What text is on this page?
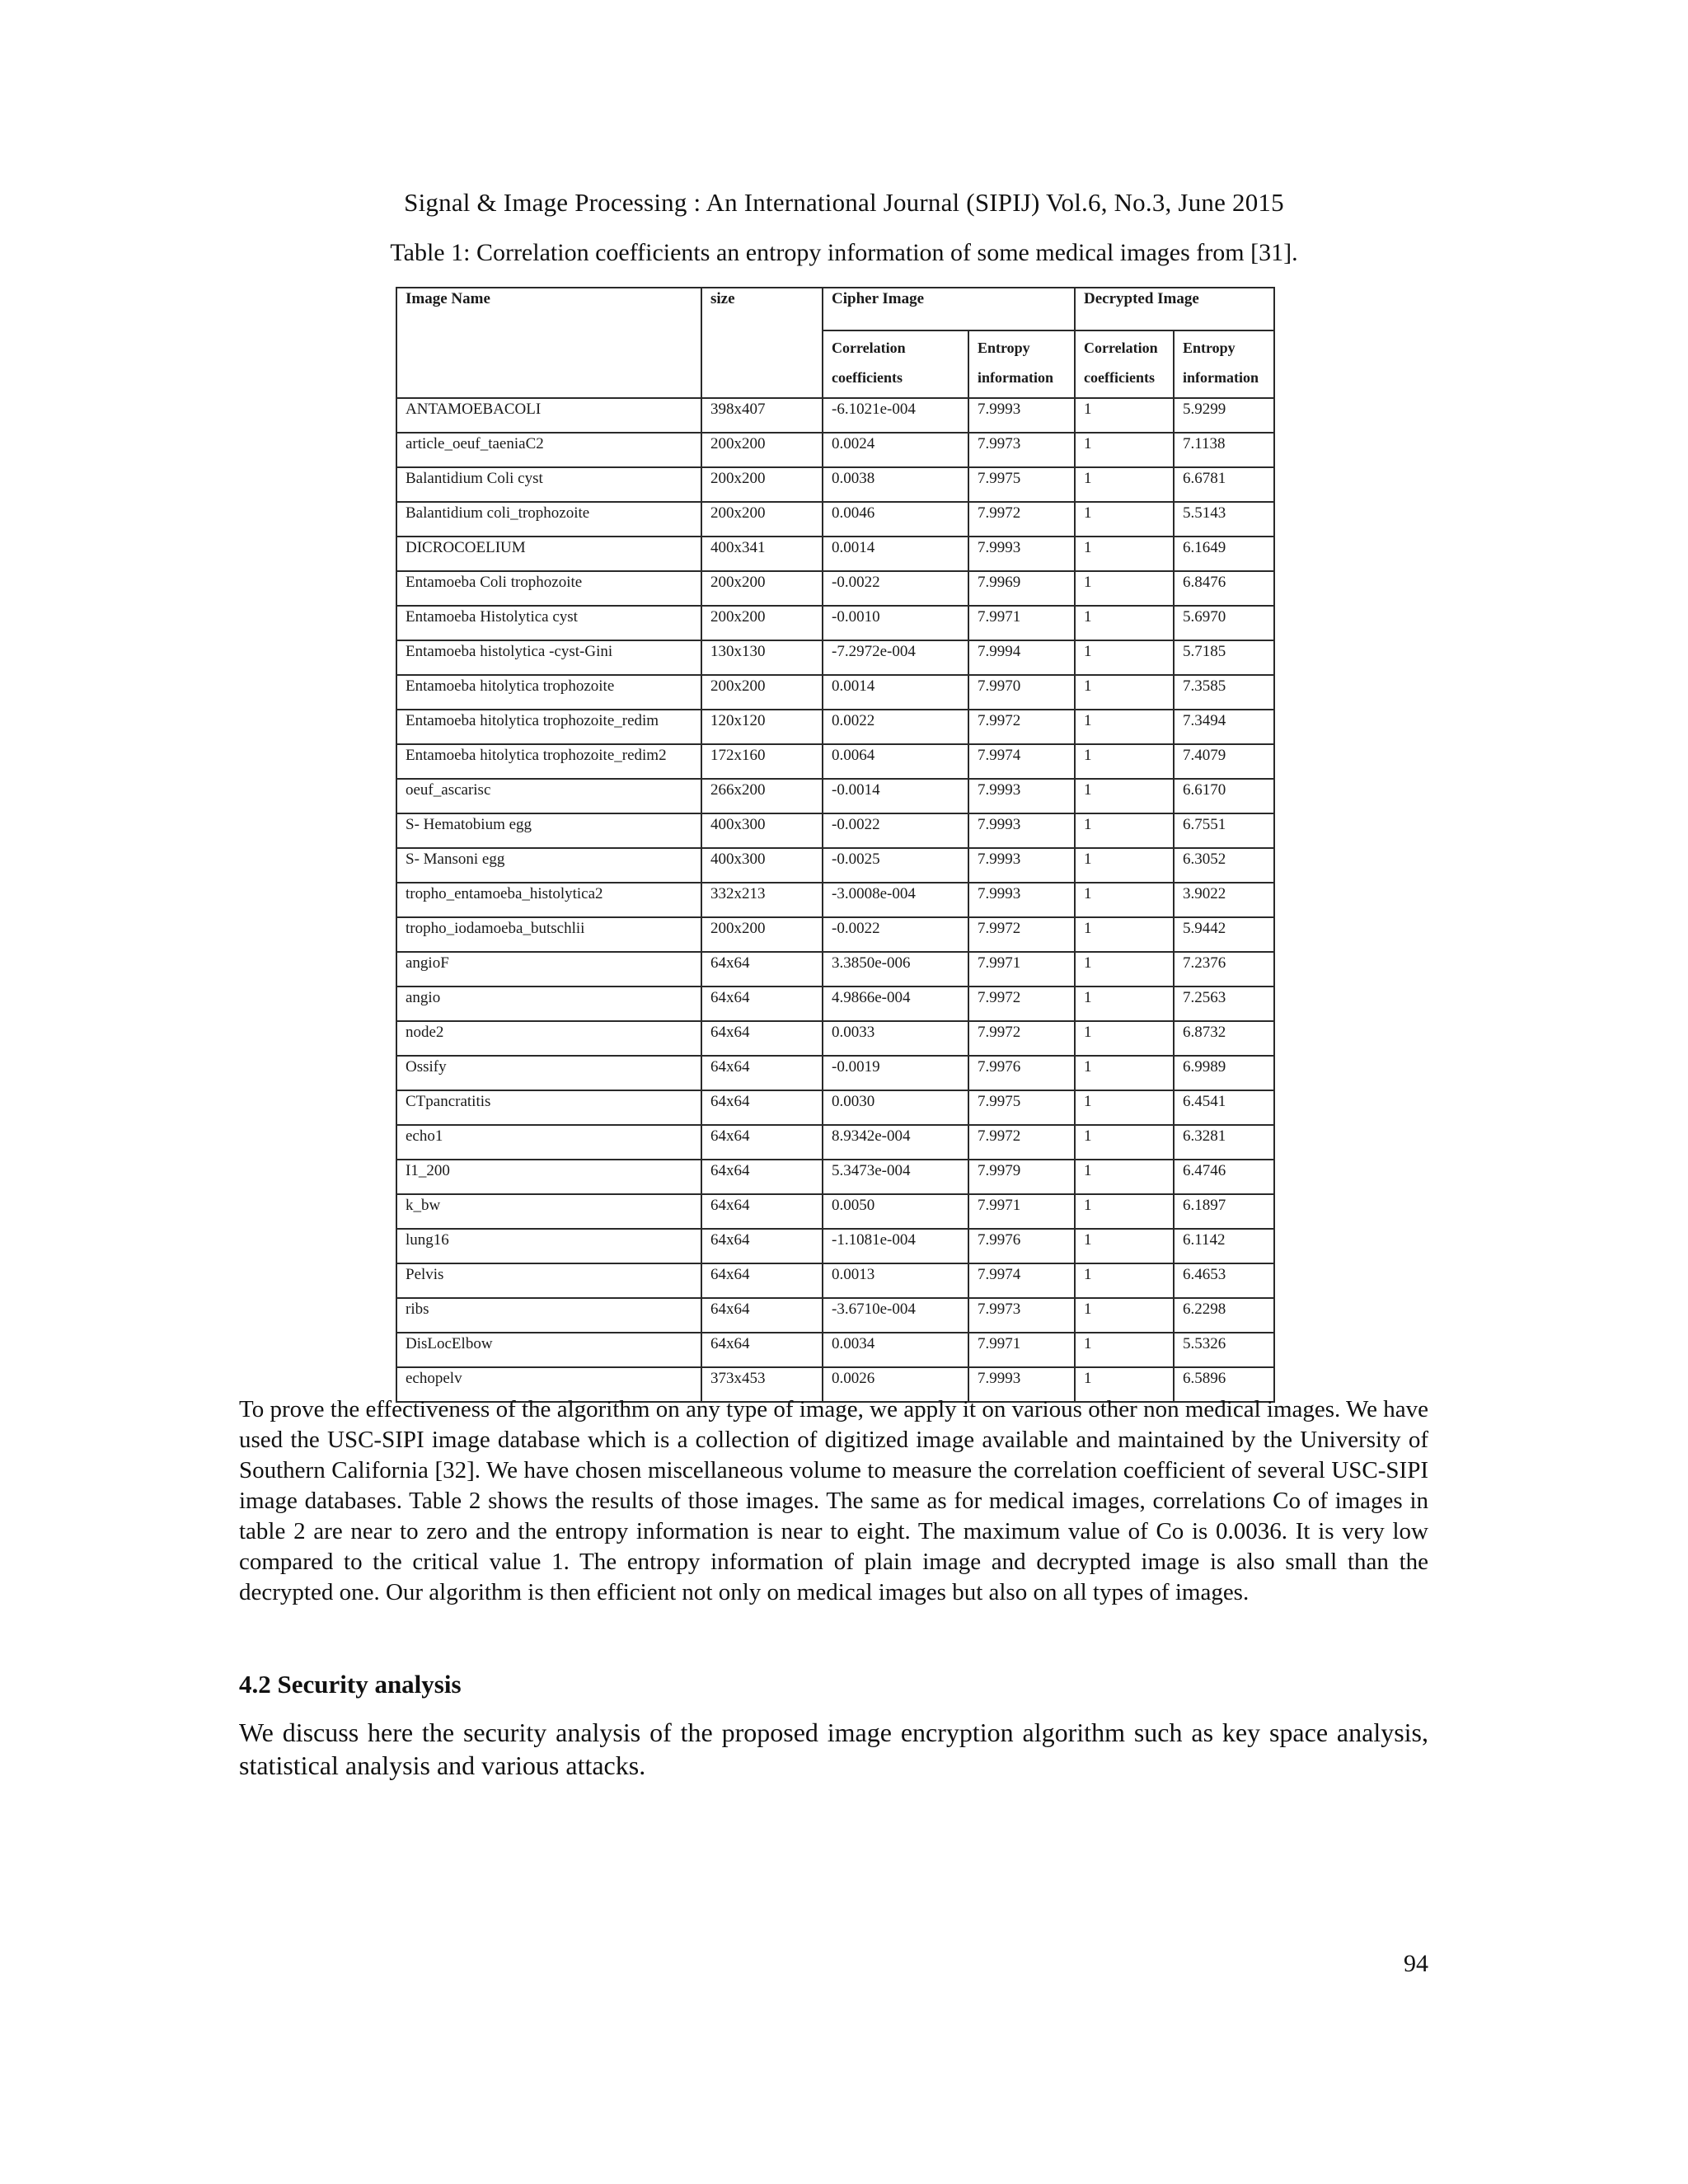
Signal & Image Processing : An International Journal (SIPIJ) Vol.6, No.3, June 2015
Table 1: Correlation coefficients an entropy information of some medical images from [31].
Image Name	size	Cipher Image		Decrypted Image	
		Correlation coefficients	Entropy information	Correlation coefficients	Entropy information
ANTAMOEBACOLI	398x407	-6.1021e-004	7.9993	1	5.9299
article_oeuf_taeniaC2	200x200	0.0024	7.9973	1	7.1138
Balantidium Coli cyst	200x200	0.0038	7.9975	1	6.6781
Balantidium coli_trophozoite	200x200	0.0046	7.9972	1	5.5143
DICROCOELIUM	400x341	0.0014	7.9993	1	6.1649
Entamoeba Coli trophozoite	200x200	-0.0022	7.9969	1	6.8476
Entamoeba Histolytica cyst	200x200	-0.0010	7.9971	1	5.6970
Entamoeba histolytica -cyst-Gini	130x130	-7.2972e-004	7.9994	1	5.7185
Entamoeba hitolytica trophozoite	200x200	0.0014	7.9970	1	7.3585
Entamoeba hitolytica trophozoite_redim	120x120	0.0022	7.9972	1	7.3494
Entamoeba hitolytica trophozoite_redim2	172x160	0.0064	7.9974	1	7.4079
oeuf_ascarisc	266x200	-0.0014	7.9993	1	6.6170
S- Hematobium egg	400x300	-0.0022	7.9993	1	6.7551
S- Mansoni egg	400x300	-0.0025	7.9993	1	6.3052
tropho_entamoeba_histolytica2	332x213	-3.0008e-004	7.9993	1	3.9022
tropho_iodamoeba_butschlii	200x200	-0.0022	7.9972	1	5.9442
angioF	64x64	3.3850e-006	7.9971	1	7.2376
angio	64x64	4.9866e-004	7.9972	1	7.2563
node2	64x64	0.0033	7.9972	1	6.8732
Ossify	64x64	-0.0019	7.9976	1	6.9989
CTpancratitis	64x64	0.0030	7.9975	1	6.4541
echo1	64x64	8.9342e-004	7.9972	1	6.3281
I1_200	64x64	5.3473e-004	7.9979	1	6.4746
k_bw	64x64	0.0050	7.9971	1	6.1897
lung16	64x64	-1.1081e-004	7.9976	1	6.1142
Pelvis	64x64	0.0013	7.9974	1	6.4653
ribs	64x64	-3.6710e-004	7.9973	1	6.2298
DisLocElbow	64x64	0.0034	7.9971	1	5.5326
echopelv	373x453	0.0026	7.9993	1	6.5896

To prove the effectiveness of the algorithm on any type of image, we apply it on various other non medical images. We have used the USC-SIPI image database which is a collection of digitized image available and maintained by the University of Southern California [32]. We have chosen miscellaneous volume to measure the correlation coefficient of several USC-SIPI image databases. Table 2 shows the results of those images. The same as for medical images, correlations Co of images in table 2 are near to zero and the entropy information is near to eight. The maximum value of Co is 0.0036. It is very low compared to the critical value 1. The entropy information of plain image and decrypted image is also small than the decrypted one. Our algorithm is then efficient not only on medical images but also on all types of images.

4.2 Security analysis

We discuss here the security analysis of the proposed image encryption algorithm such as key space analysis, statistical analysis and various attacks.

94
